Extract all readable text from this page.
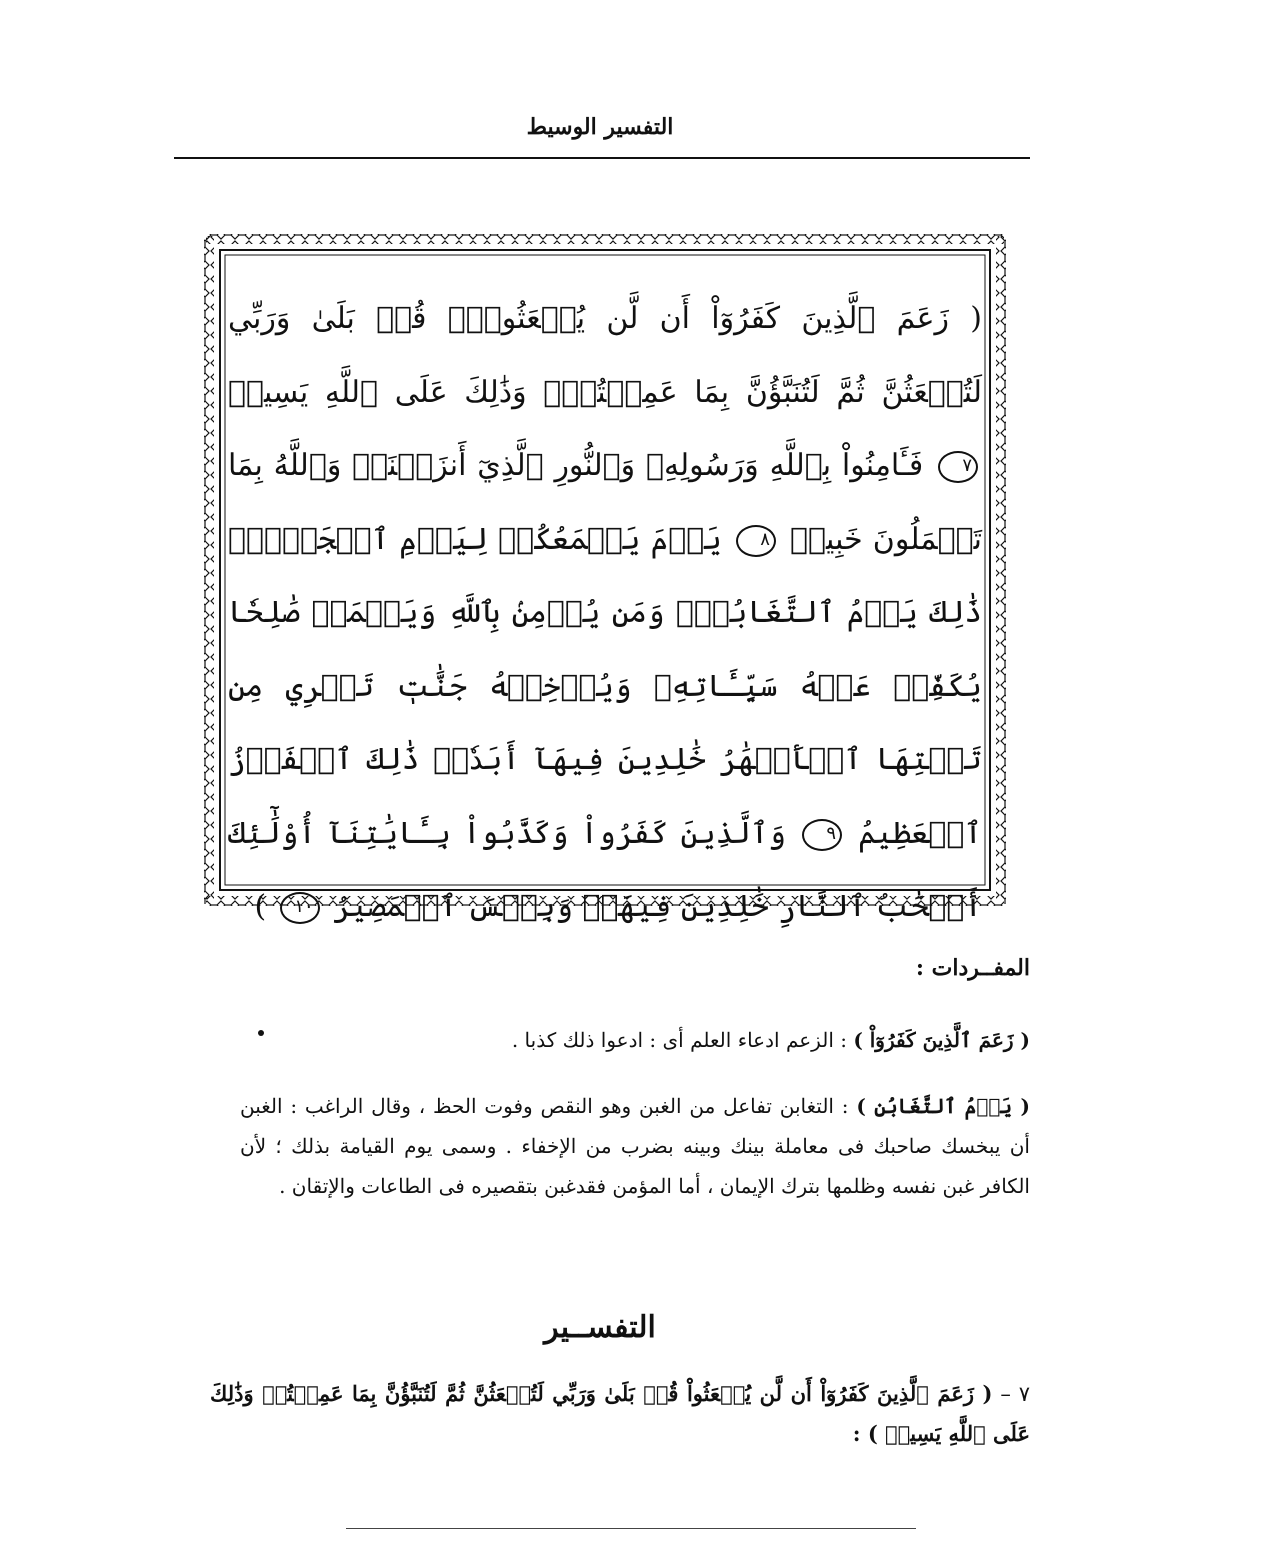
التفسير الوسيط
( زَعَمَ ٱلَّذِينَ كَفَرُوٓاْ أَن لَّن يُبۡعَثُواْۚ قُلۡ بَلَىٰ وَرَبِّي لَتُبۡعَثُنَّ ثُمَّ لَتُنَبَّؤُنَّ بِمَا عَمِلۡتُمۡۚ وَذَٰلِكَ عَلَى ٱللَّهِ يَسِيرٞ ٧ فَـَٔامِنُواْ بِٱللَّهِ وَرَسُولِهِۦ وَٱلنُّورِ ٱلَّذِيٓ أَنزَلۡنَاۚ وَٱللَّهُ بِمَا تَعۡمَلُونَ خَبِيرٞ ٨ يَوۡمَ يَجۡمَعُكُمۡ لِيَوۡمِ ٱلۡجَمۡعِۖ ذَٰلِكَ يَوۡمُ ٱلتَّغَابُنِۗ وَمَن يُؤۡمِنۢ بِٱللَّهِ وَيَعۡمَلۡ صَٰلِحٗا يُكَفِّرۡ عَنۡهُ سَيِّـَٔاتِهِۦ وَيُدۡخِلۡهُ جَنَّٰتٖ تَجۡرِي مِن تَحۡتِهَا ٱلۡأَنۡهَٰرُ خَٰلِدِينَ فِيهَآ أَبَدٗاۚ ذَٰلِكَ ٱلۡفَوۡزُ ٱلۡعَظِيمُ ٩ وَٱلَّذِينَ كَفَرُواْ وَكَذَّبُواْ بِـَٔايَٰتِنَآ أُوْلَٰٓئِكَ أَصۡحَٰبُ ٱلنَّارِ خَٰلِدِينَ فِيهَاۖ وَبِئۡسَ ٱلۡمَصِيرُ ١٠ )
المفــردات :
( زَعَمَ ٱلَّذِينَ كَفَرُوٓاْ ) : الزعم ادعاء العلم أى : ادعوا ذلك كذبا .
( يَوۡمُ ٱلتَّغَابُنِ ) : التغابن تفاعل من الغبن وهو النقص وفوت الحظ ، وقال الراغب : الغبن أن يبخسك صاحبك فى معاملة بينك وبينه بضرب من الإخفاء . وسمى يوم القيامة بذلك ؛ لأن الكافر غبن نفسه وظلمها بترك الإيمان ، أما المؤمن فقدغبن بتقصيره فى الطاعات والإتقان .
التفســير
٧ – ( زَعَمَ ٱلَّذِينَ كَفَرُوٓاْ أَن لَّن يُبۡعَثُواْ قُلۡ بَلَىٰ وَرَبِّي لَتُبۡعَثُنَّ ثُمَّ لَتُنَبَّؤُنَّ بِمَا عَمِلۡتُمۡ وَذَٰلِكَ عَلَى ٱللَّهِ يَسِيرٞ ) :
